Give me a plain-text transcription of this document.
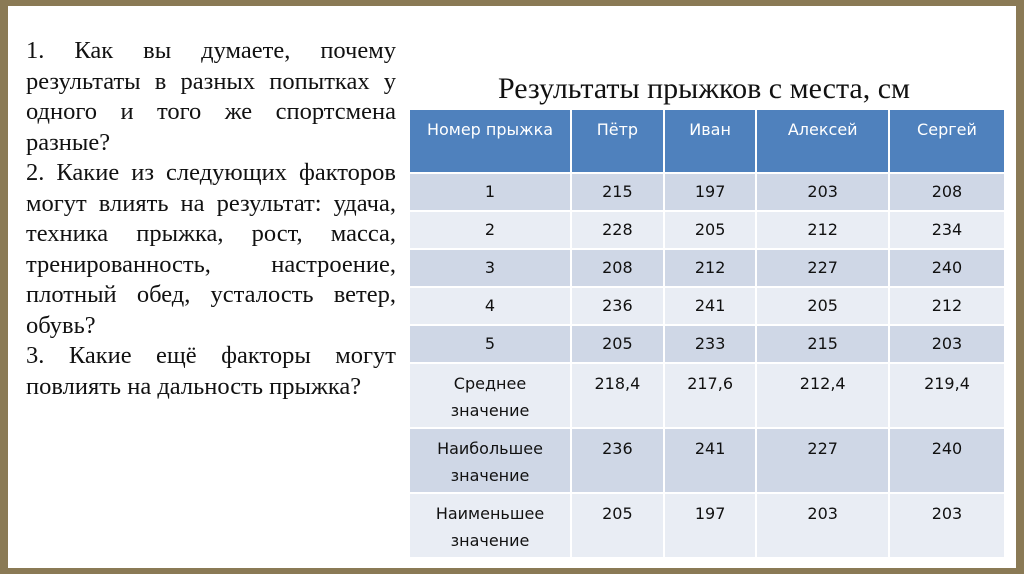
1. Как вы думаете, почему результаты в разных попытках у одного и того же спортсмена разные?

2. Какие из следующих факторов могут влиять на результат: удача, техника прыжка, рост, масса, тренированность, настроение, плотный обед, усталость ветер, обувь?

3. Какие ещё факторы могут повлиять на дальность прыжка?

Результаты прыжков с места, см
Номер прыжка	Пётр	Иван	Алексей	Сергей
1	215	197	203	208
2	228	205	212	234
3	208	212	227	240
4	236	241	205	212
5	205	233	215	203
Среднее значение	218,4	217,6	212,4	219,4
Наибольшее значение	236	241	227	240
Наименьшее значение	205	197	203	203
